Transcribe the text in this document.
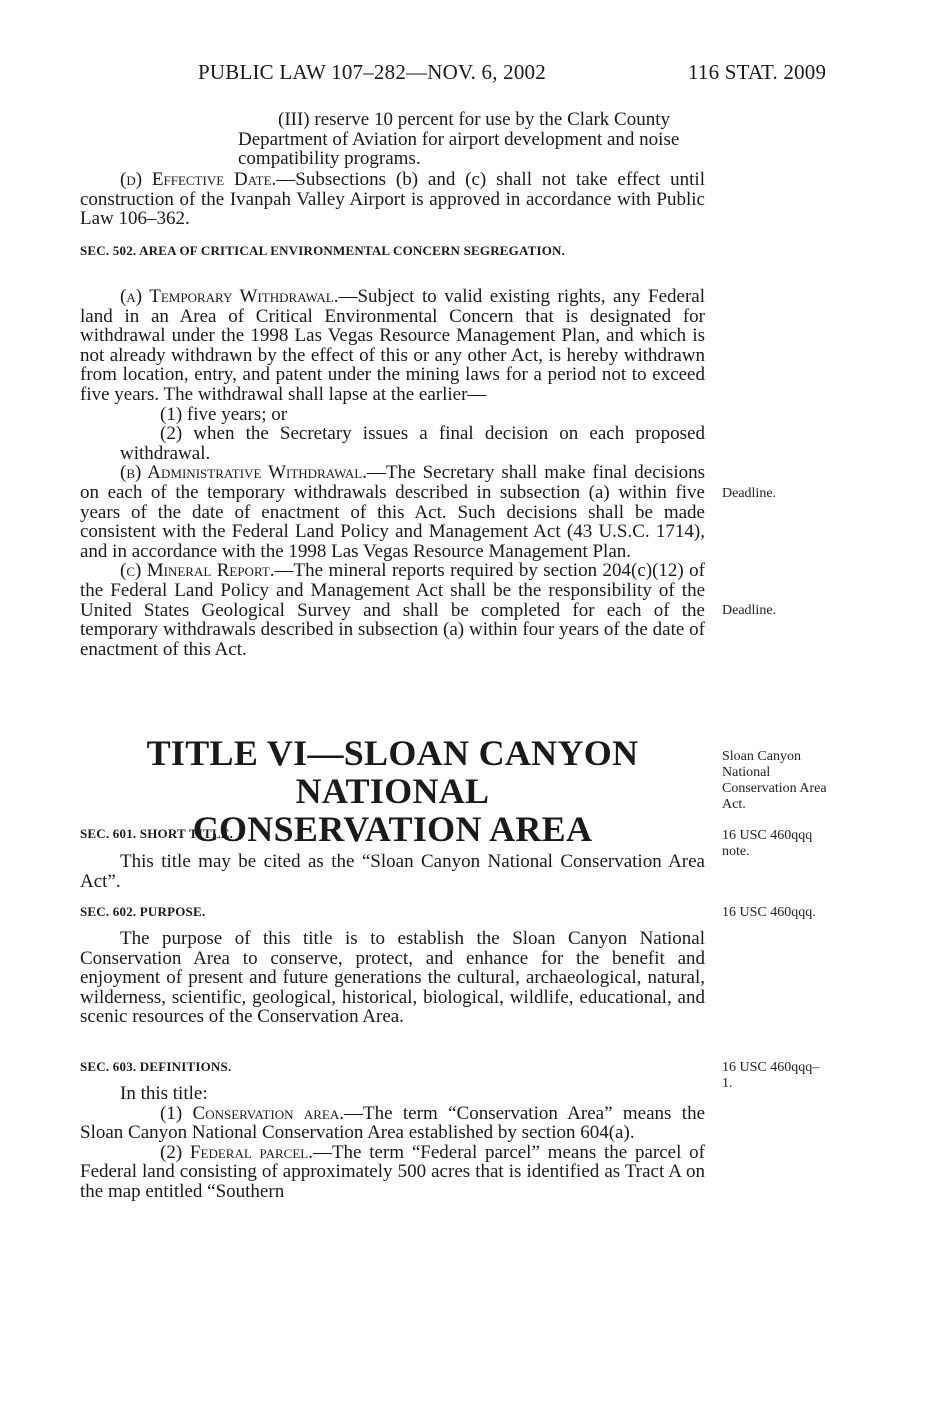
PUBLIC LAW 107–282—NOV. 6, 2002	116 STAT. 2009
(III) reserve 10 percent for use by the Clark County Department of Aviation for airport development and noise compatibility programs.

(d) Effective Date.—Subsections (b) and (c) shall not take effect until construction of the Ivanpah Valley Airport is approved in accordance with Public Law 106–362.

SEC. 502. AREA OF CRITICAL ENVIRONMENTAL CONCERN SEGREGATION.

(a) Temporary Withdrawal.—Subject to valid existing rights, any Federal land in an Area of Critical Environmental Concern that is designated for withdrawal under the 1998 Las Vegas Resource Management Plan, and which is not already withdrawn by the effect of this or any other Act, is hereby withdrawn from location, entry, and patent under the mining laws for a period not to exceed five years. The withdrawal shall lapse at the earlier—

(1) five years; or

(2) when the Secretary issues a final decision on each proposed withdrawal.

(b) Administrative Withdrawal.—The Secretary shall make final decisions on each of the temporary withdrawals described in subsection (a) within five years of the date of enactment of this Act. Such decisions shall be made consistent with the Federal Land Policy and Management Act (43 U.S.C. 1714), and in accordance with the 1998 Las Vegas Resource Management Plan.

(c) Mineral Report.—The mineral reports required by section 204(c)(12) of the Federal Land Policy and Management Act shall be the responsibility of the United States Geological Survey and shall be completed for each of the temporary withdrawals described in subsection (a) within four years of the date of enactment of this Act.

Deadline.
Deadline.
TITLE VI—SLOAN CANYON NATIONAL
CONSERVATION AREA
Sloan Canyon National Conservation Area Act.
SEC. 601. SHORT TITLE.	16 USC 460qqq note.

This title may be cited as the “Sloan Canyon National Conservation Area Act”.

SEC. 602. PURPOSE.	16 USC 460qqq.

The purpose of this title is to establish the Sloan Canyon National Conservation Area to conserve, protect, and enhance for the benefit and enjoyment of present and future generations the cultural, archaeological, natural, wilderness, scientific, geological, historical, biological, wildlife, educational, and scenic resources of the Conservation Area.

SEC. 603. DEFINITIONS.	16 USC 460qqq–1.

In this title:

(1) Conservation area.—The term “Conservation Area” means the Sloan Canyon National Conservation Area established by section 604(a).

(2) Federal parcel.—The term “Federal parcel” means the parcel of Federal land consisting of approximately 500 acres that is identified as Tract A on the map entitled “Southern
